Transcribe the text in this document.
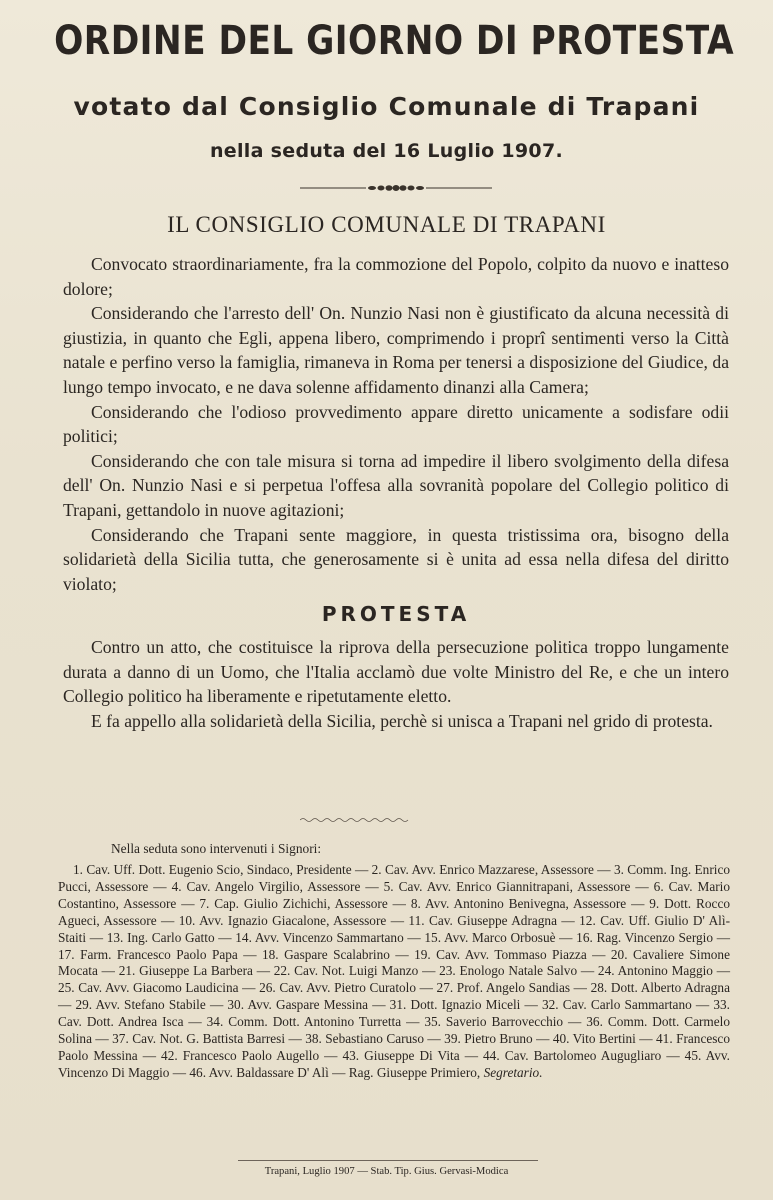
ORDINE DEL GIORNO DI PROTESTA
votato dal Consiglio Comunale di Trapani
nella seduta del 16 Luglio 1907.
IL CONSIGLIO COMUNALE DI TRAPANI

Convocato straordinariamente, fra la commozione del Popolo, colpito da nuovo e inatteso dolore;

Considerando che l'arresto dell' On. Nunzio Nasi non è giustificato da alcuna necessità di giustizia, in quanto che Egli, appena libero, comprimendo i proprî sentimenti verso la Città natale e perfino verso la famiglia, rimaneva in Roma per tenersi a disposizione del Giudice, da lungo tempo invocato, e ne dava solenne affidamento dinanzi alla Camera;

Considerando che l'odioso provvedimento appare diretto unicamente a sodisfare odii politici;

Considerando che con tale misura si torna ad impedire il libero svolgimento della difesa dell' On. Nunzio Nasi e si perpetua l'offesa alla sovranità popolare del Collegio politico di Trapani, gettandolo in nuove agitazioni;

Considerando che Trapani sente maggiore, in questa tristissima ora, bisogno della solidarietà della Sicilia tutta, che generosamente si è unita ad essa nella difesa del diritto violato;

PROTESTA

Contro un atto, che costituisce la riprova della persecuzione politica troppo lungamente durata a danno di un Uomo, che l'Italia acclamò due volte Ministro del Re, e che un intero Collegio politico ha liberamente e ripetutamente eletto.

E fa appello alla solidarietà della Sicilia, perchè si unisca a Trapani nel grido di protesta.

Nella seduta sono intervenuti i Signori:
1. Cav. Uff. Dott. Eugenio Scio, Sindaco, Presidente — 2. Cav. Avv. Enrico Mazzarese, Assessore — 3. Comm. Ing. Enrico Pucci, Assessore — 4. Cav. Angelo Virgilio, Assessore — 5. Cav. Avv. Enrico Giannitrapani, Assessore — 6. Cav. Mario Costantino, Assessore — 7. Cap. Giulio Zichichi, Assessore — 8. Avv. Antonino Benivegna, Assessore — 9. Dott. Rocco Agueci, Assessore — 10. Avv. Ignazio Giacalone, Assessore — 11. Cav. Giuseppe Adragna — 12. Cav. Uff. Giulio D' Alì-Staiti — 13. Ing. Carlo Gatto — 14. Avv. Vincenzo Sammartano — 15. Avv. Marco Orbosuè — 16. Rag. Vincenzo Sergio — 17. Farm. Francesco Paolo Papa — 18. Gaspare Scalabrino — 19. Cav. Avv. Tommaso Piazza — 20. Cavaliere Simone Mocata — 21. Giuseppe La Barbera — 22. Cav. Not. Luigi Manzo — 23. Enologo Natale Salvo — 24. Antonino Maggio — 25. Cav. Avv. Giacomo Laudicina — 26. Cav. Avv. Pietro Curatolo — 27. Prof. Angelo Sandias — 28. Dott. Alberto Adragna — 29. Avv. Stefano Stabile — 30. Avv. Gaspare Messina — 31. Dott. Ignazio Miceli — 32. Cav. Carlo Sammartano — 33. Cav. Dott. Andrea Isca — 34. Comm. Dott. Antonino Turretta — 35. Saverio Barrovecchio — 36. Comm. Dott. Carmelo Solina — 37. Cav. Not. G. Battista Barresi — 38. Sebastiano Caruso — 39. Pietro Bruno — 40. Vito Bertini — 41. Francesco Paolo Messina — 42. Francesco Paolo Augello — 43. Giuseppe Di Vita — 44. Cav. Bartolomeo Augugliaro — 45. Avv. Vincenzo Di Maggio — 46. Avv. Baldassare D' Alì — Rag. Giuseppe Primiero, Segretario.
Trapani, Luglio 1907 — Stab. Tip. Gius. Gervasi-Modica
